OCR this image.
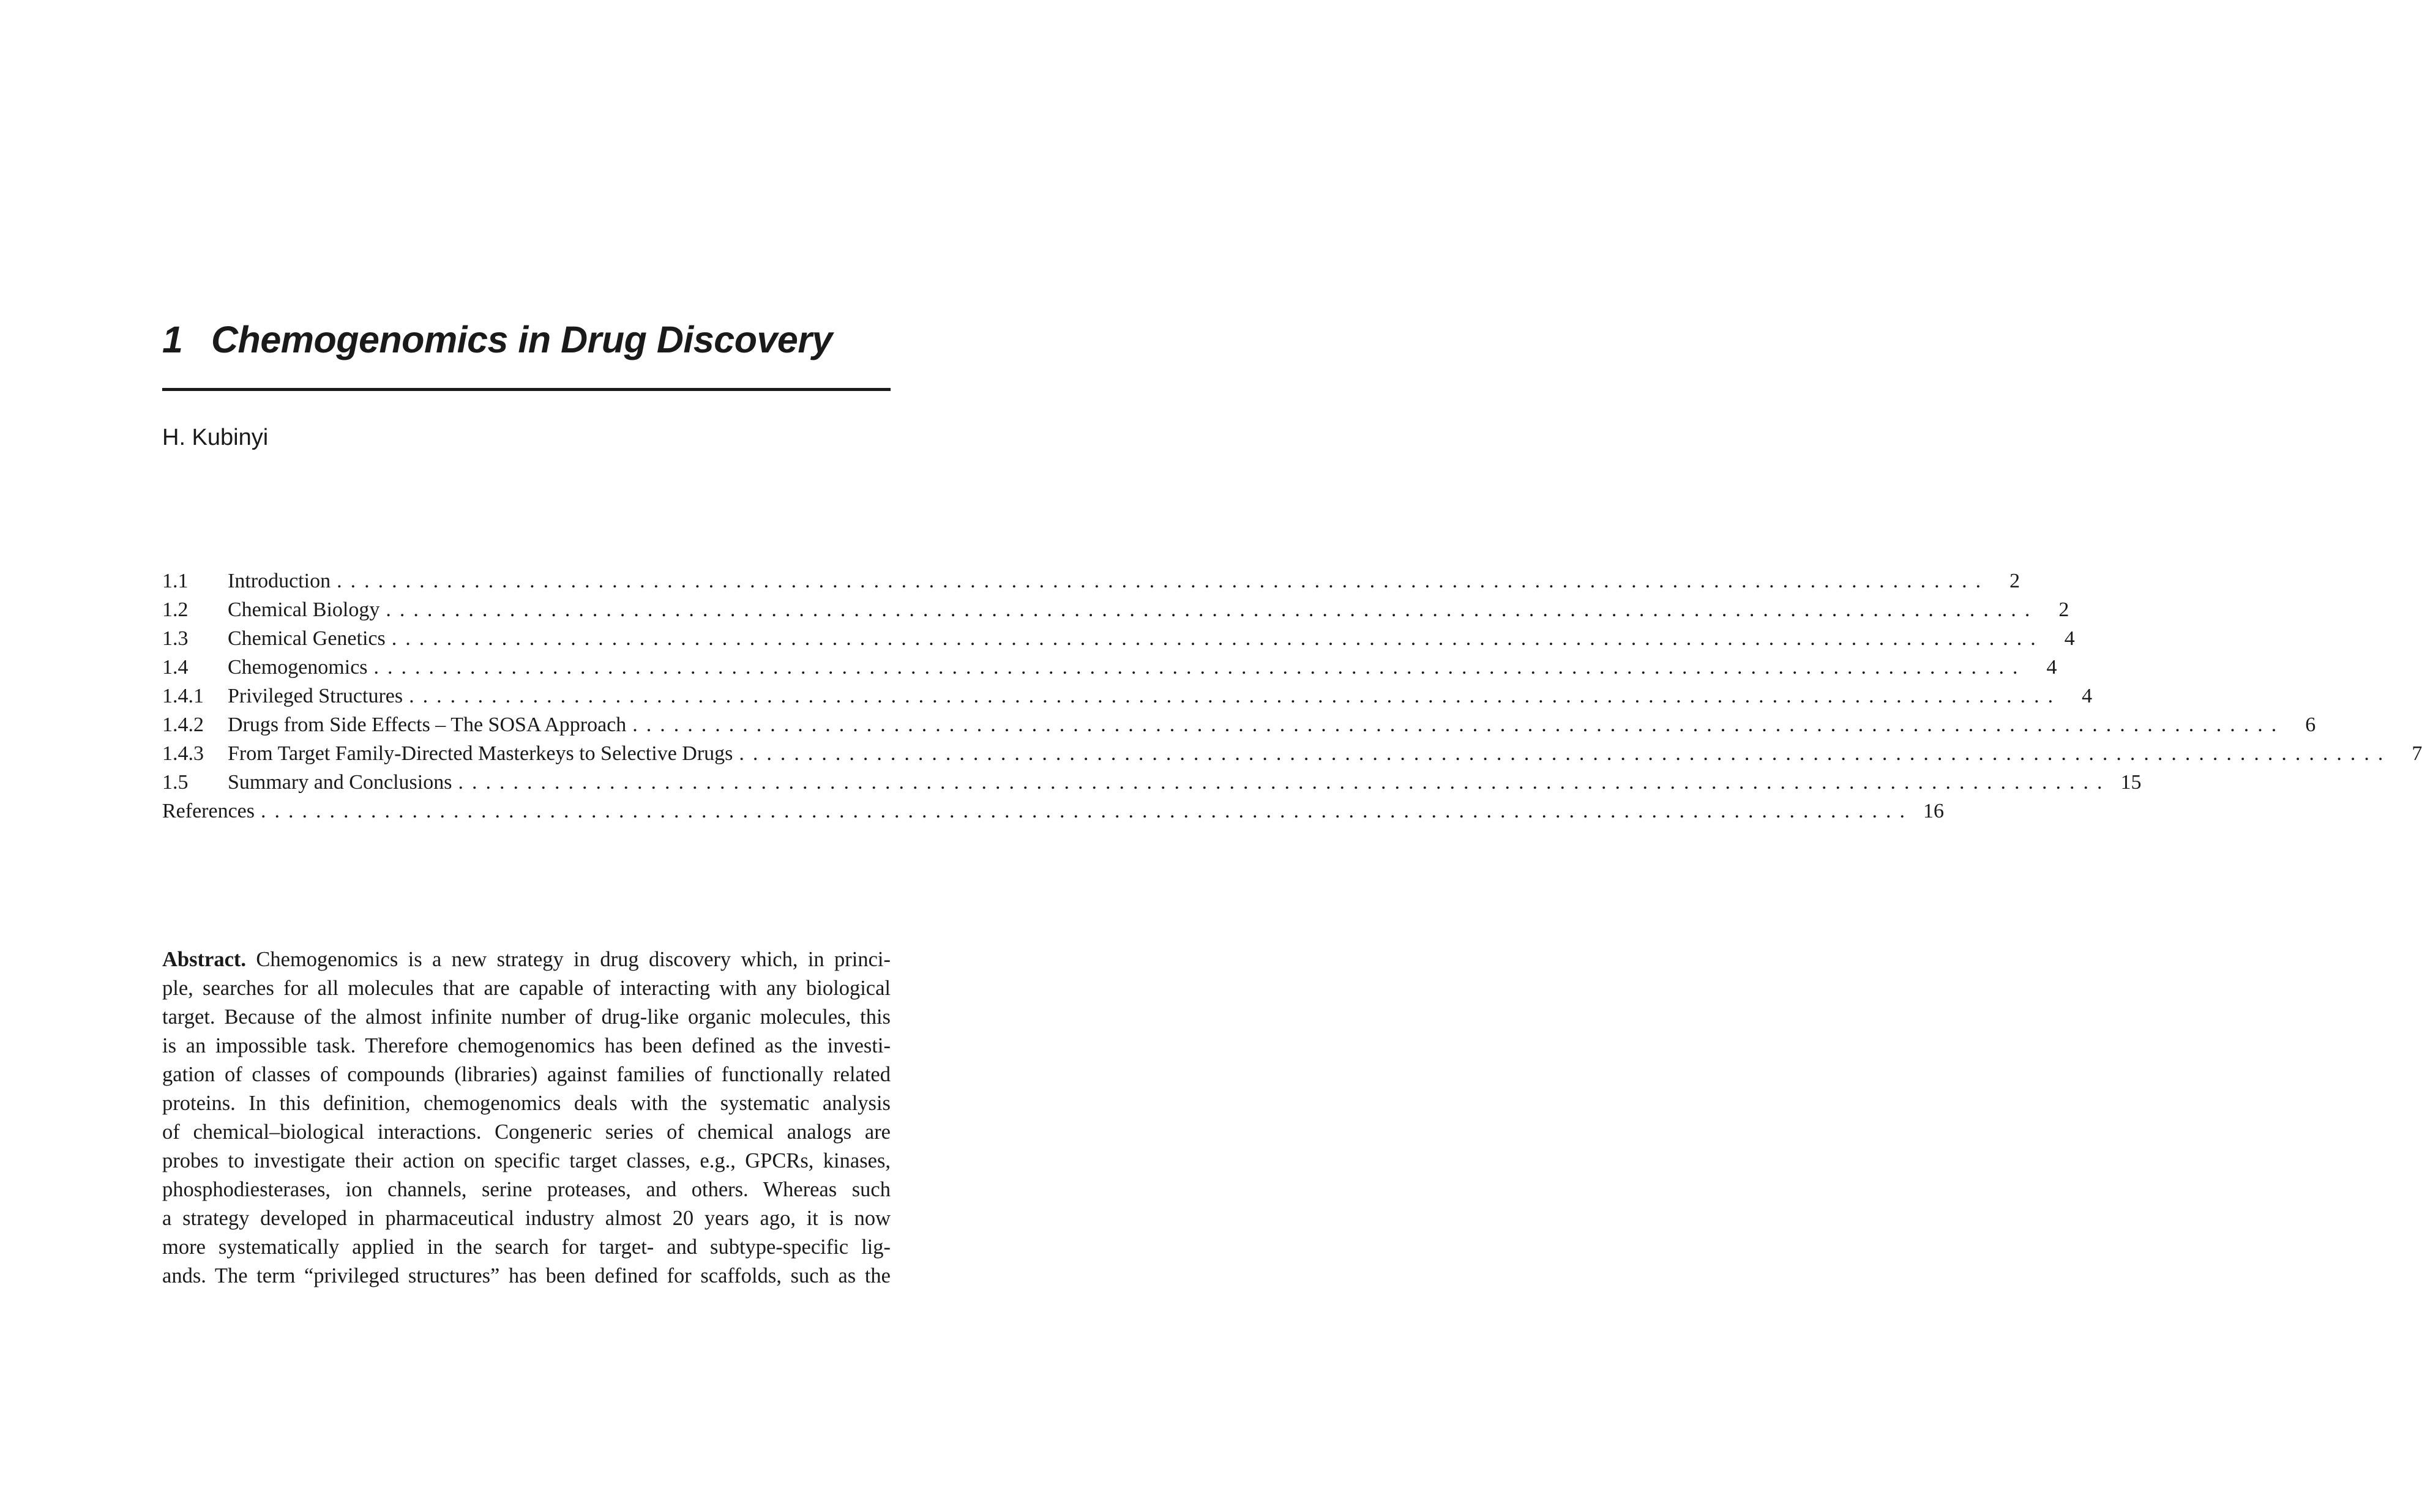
1 Chemogenomics in Drug Discovery

H. Kubinyi

1.1	Introduction ........................................................................................................................ 2
1.2	Chemical Biology ........................................................................................................................ 2
1.3	Chemical Genetics ........................................................................................................................ 4
1.4	Chemogenomics ........................................................................................................................ 4
1.4.1	Privileged Structures ........................................................................................................................ 4
1.4.2	Drugs from Side Effects – The SOSA Approach ........................................................................................................................ 6
1.4.3	From Target Family-Directed Masterkeys to Selective Drugs ........................................................................................................................ 7
1.5	Summary and Conclusions ........................................................................................................................ 15
References ........................................................................................................................ 16
Abstract. Chemogenomics is a new strategy in drug discovery which, in princi-
ple, searches for all molecules that are capable of interacting with any biological
target. Because of the almost infinite number of drug-like organic molecules, this
is an impossible task. Therefore chemogenomics has been defined as the investi-
gation of classes of compounds (libraries) against families of functionally related
proteins. In this definition, chemogenomics deals with the systematic analysis
of chemical–biological interactions. Congeneric series of chemical analogs are
probes to investigate their action on specific target classes, e.g., GPCRs, kinases,
phosphodiesterases, ion channels, serine proteases, and others. Whereas such
a strategy developed in pharmaceutical industry almost 20 years ago, it is now
more systematically applied in the search for target- and subtype-specific lig-
ands. The term “privileged structures” has been defined for scaffolds, such as the
